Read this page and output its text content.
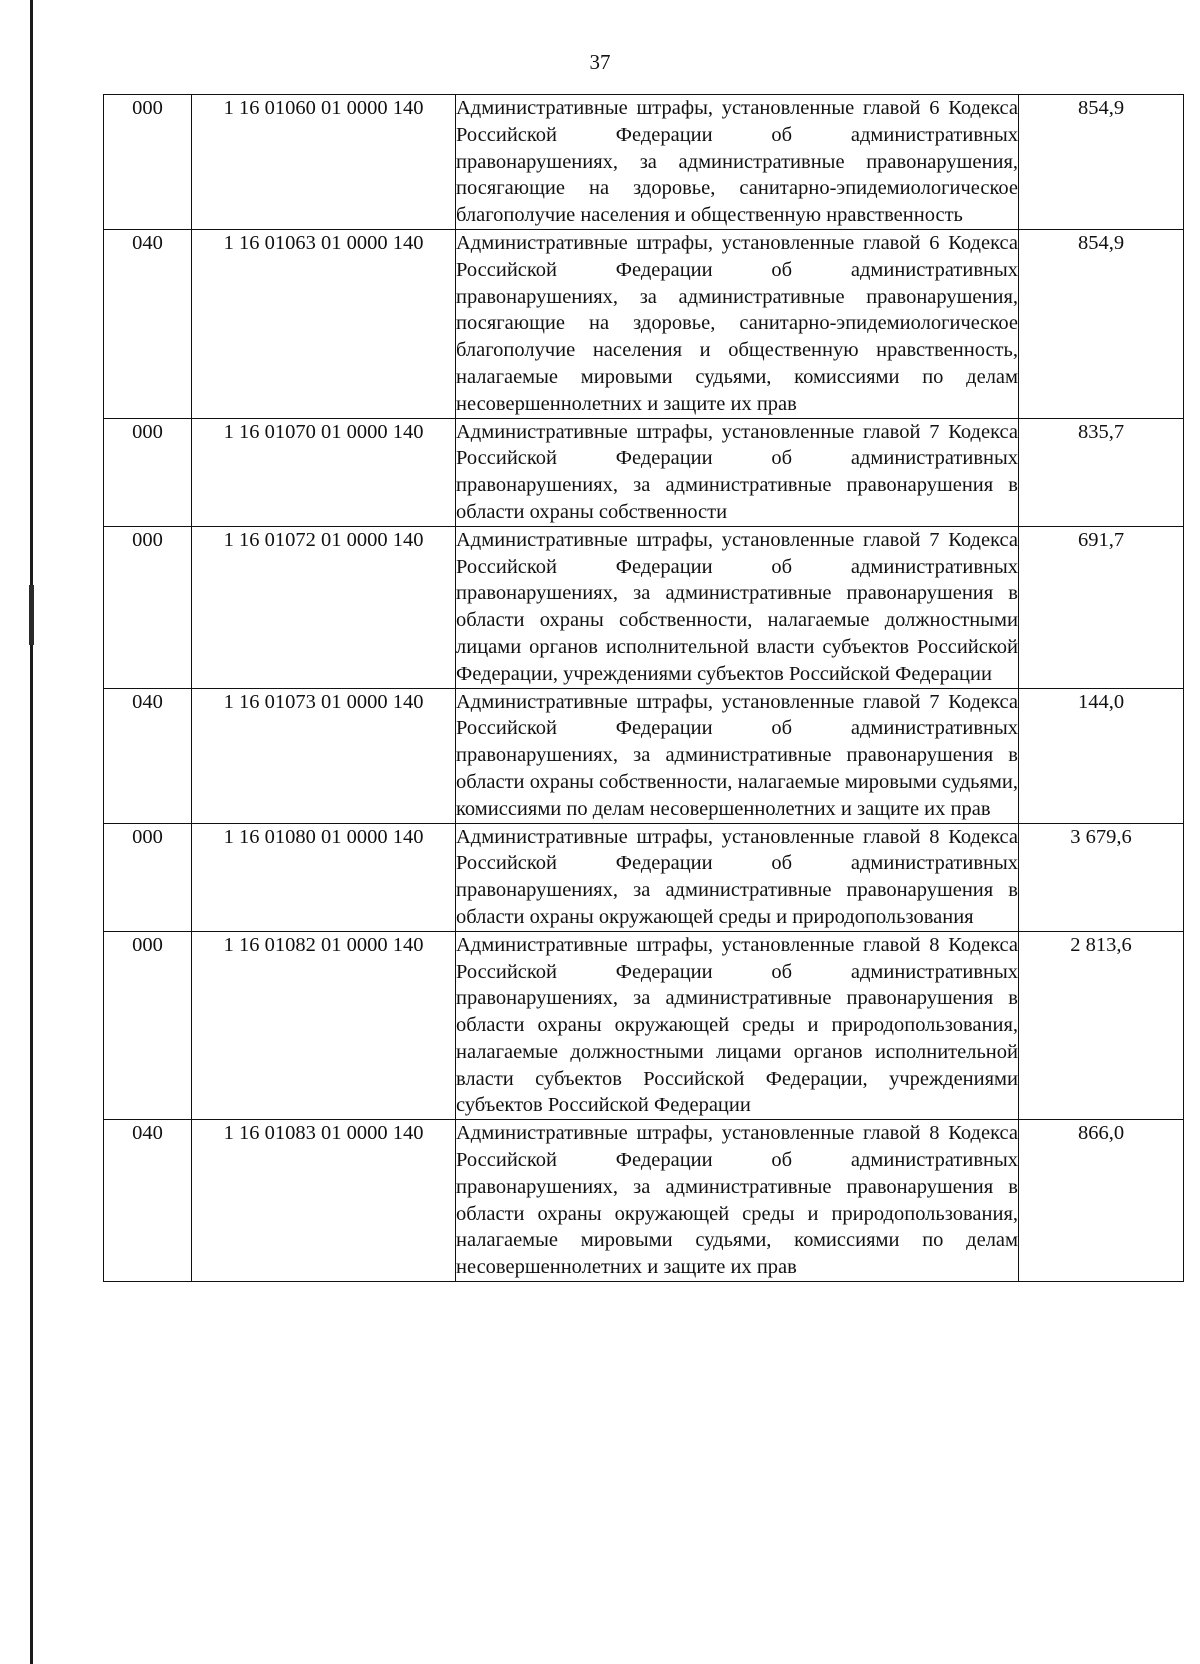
37
000	1 16 01060 01 0000 140	Административные штрафы, установленные главой 6 Кодекса Российской Федерации об административных правонарушениях, за административные правонарушения, посягающие на здоровье, санитарно-эпидемиологическое благополучие населения и общественную нравственность	854,9
040	1 16 01063 01 0000 140	Административные штрафы, установленные главой 6 Кодекса Российской Федерации об административных правонарушениях, за административные правонарушения, посягающие на здоровье, санитарно-эпидемиологическое благополучие населения и общественную нравственность, налагаемые мировыми судьями, комиссиями по делам несовершеннолетних и защите их прав	854,9
000	1 16 01070 01 0000 140	Административные штрафы, установленные главой 7 Кодекса Российской Федерации об административных правонарушениях, за административные правонарушения в области охраны собственности	835,7
000	1 16 01072 01 0000 140	Административные штрафы, установленные главой 7 Кодекса Российской Федерации об административных правонарушениях, за административные правонарушения в области охраны собственности, налагаемые должностными лицами органов исполнительной власти субъектов Российской Федерации, учреждениями субъектов Российской Федерации	691,7
040	1 16 01073 01 0000 140	Административные штрафы, установленные главой 7 Кодекса Российской Федерации об административных правонарушениях, за административные правонарушения в области охраны собственности, налагаемые мировыми судьями, комиссиями по делам несовершеннолетних и защите их прав	144,0
000	1 16 01080 01 0000 140	Административные штрафы, установленные главой 8 Кодекса Российской Федерации об административных правонарушениях, за административные правонарушения в области охраны окружающей среды и природопользования	3 679,6
000	1 16 01082 01 0000 140	Административные штрафы, установленные главой 8 Кодекса Российской Федерации об административных правонарушениях, за административные правонарушения в области охраны окружающей среды и природопользования, налагаемые должностными лицами органов исполнительной власти субъектов Российской Федерации, учреждениями субъектов Российской Федерации	2 813,6
040	1 16 01083 01 0000 140	Административные штрафы, установленные главой 8 Кодекса Российской Федерации об административных правонарушениях, за административные правонарушения в области охраны окружающей среды и природопользования, налагаемые мировыми судьями, комиссиями по делам несовершеннолетних и защите их прав	866,0
